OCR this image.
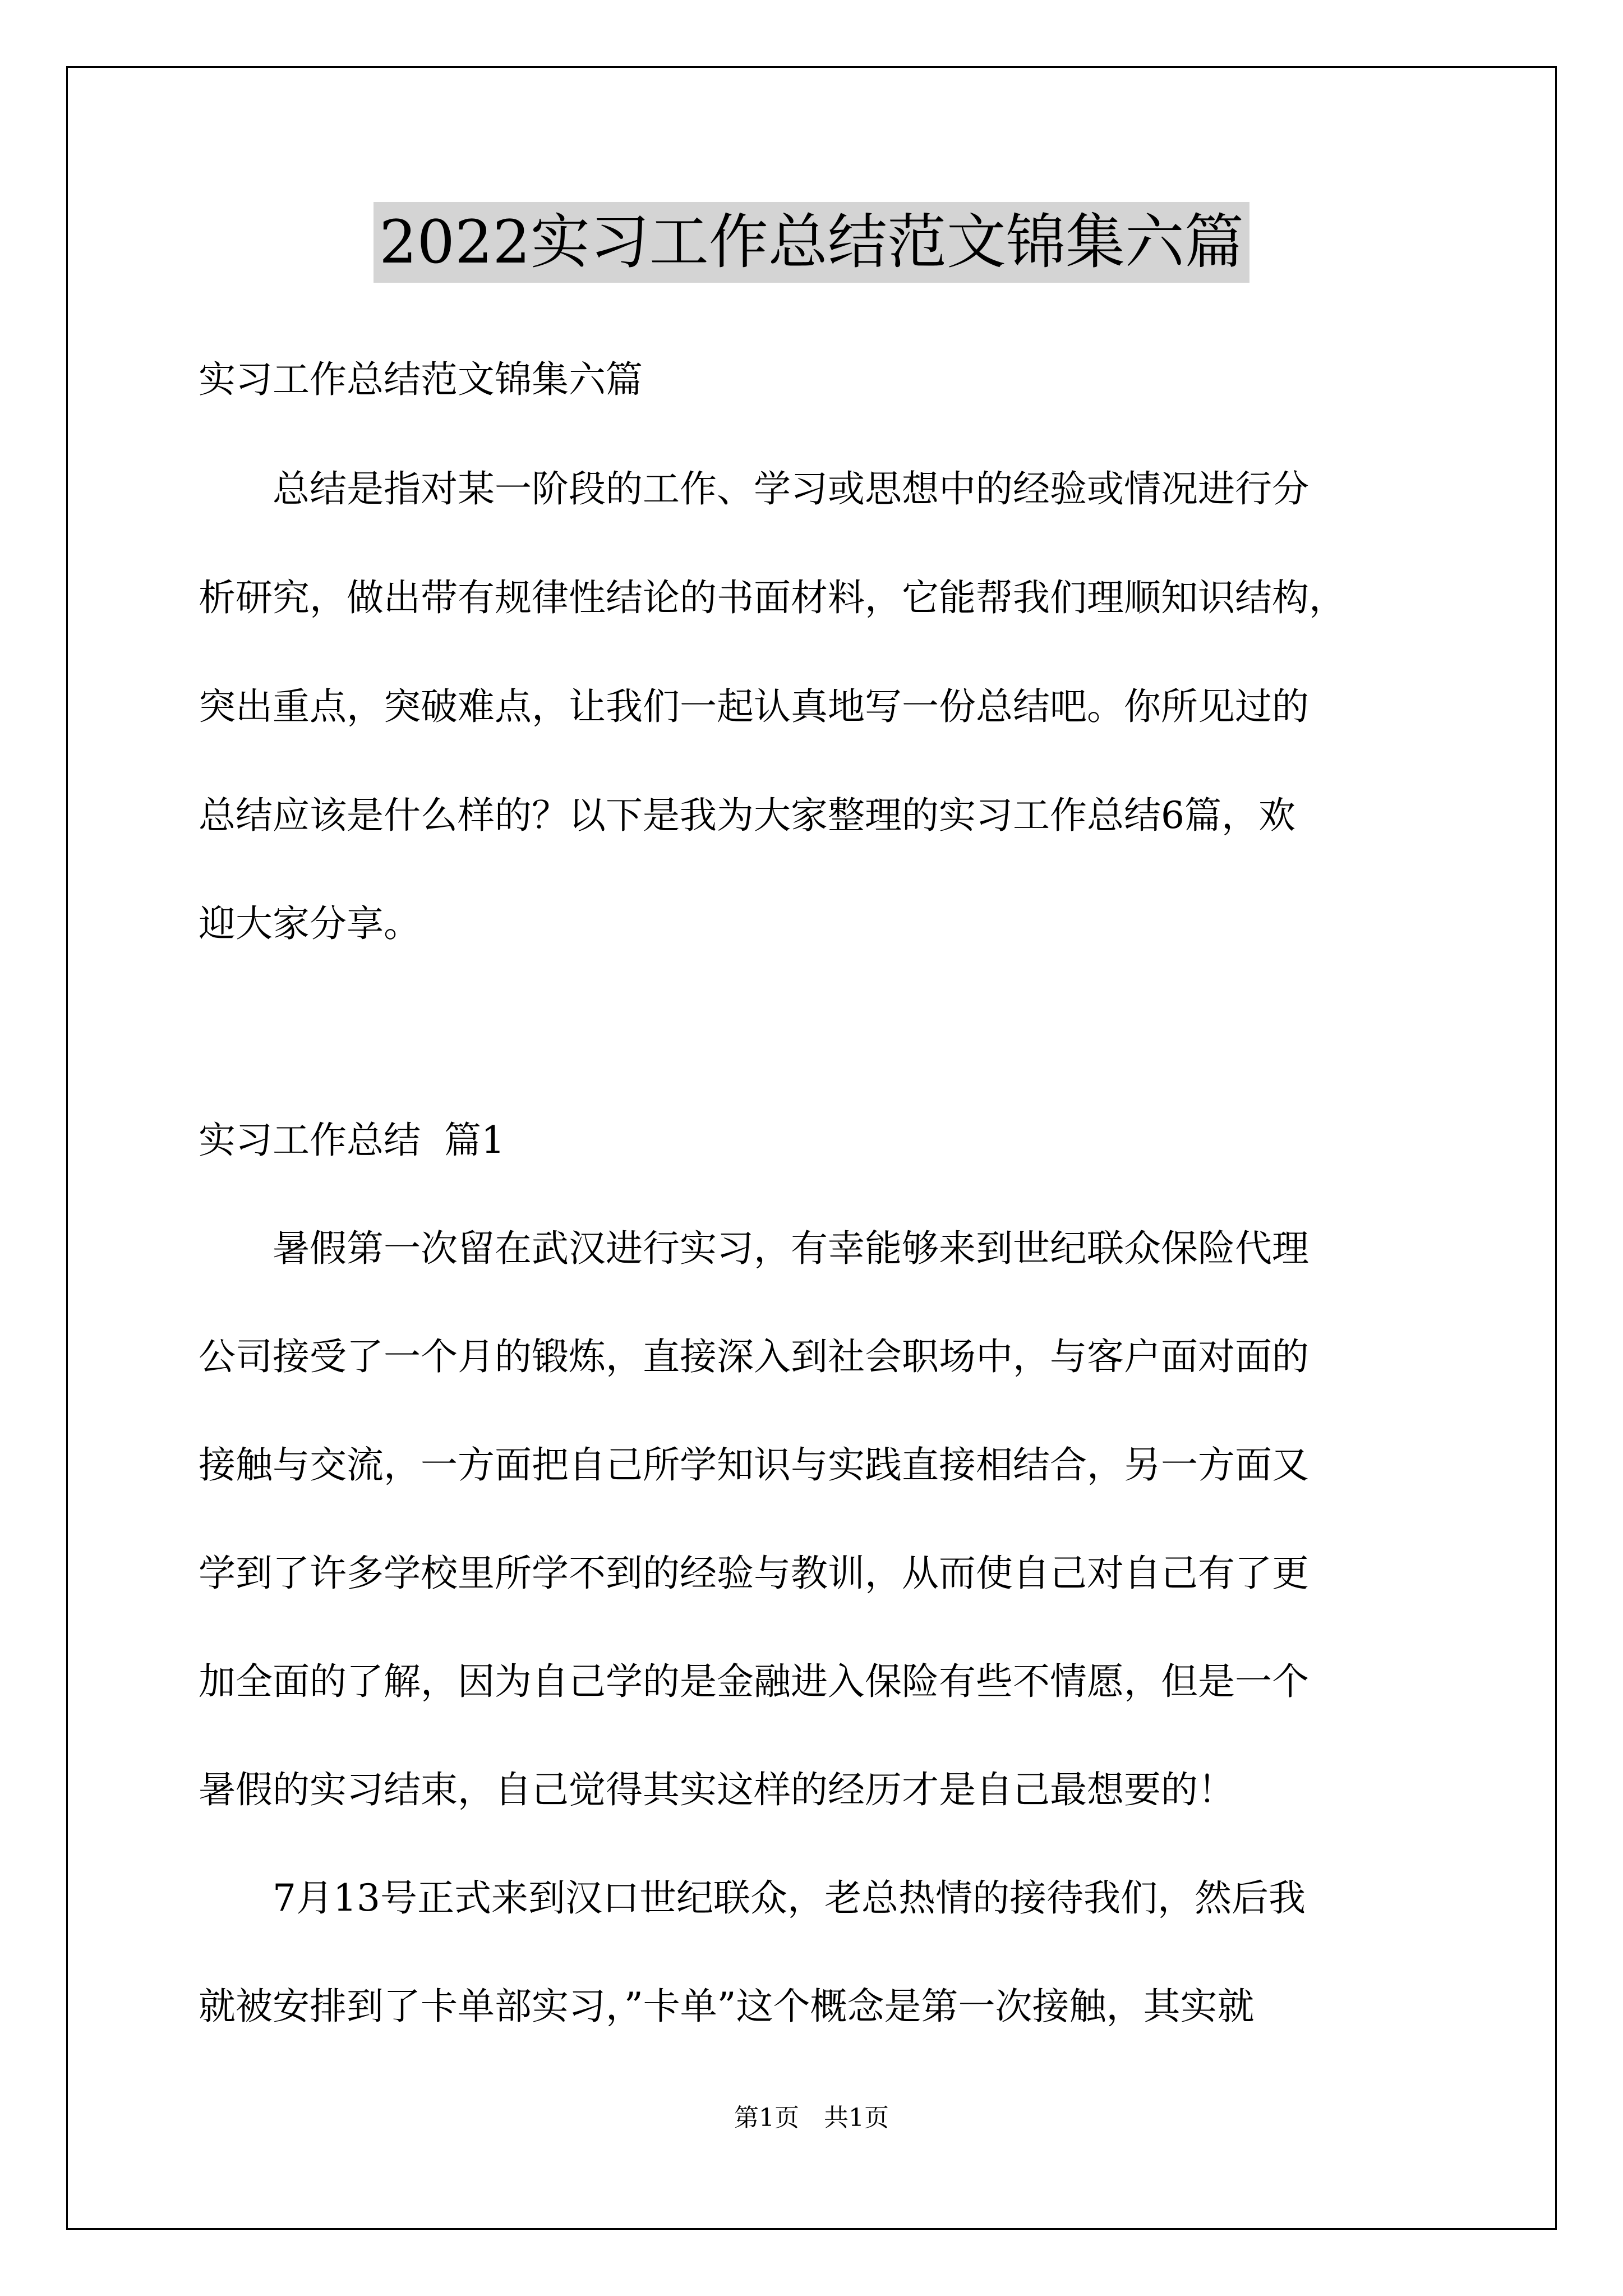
2022实习工作总结范文锦集六篇

实习工作总结范文锦集六篇

　　总结是指对某一阶段的工作、学习或思想中的经验或情况进行分

析研究，做出带有规律性结论的书面材料，它能帮我们理顺知识结构，

突出重点，突破难点，让我们一起认真地写一份总结吧。你所见过的

总结应该是什么样的？以下是我为大家整理的实习工作总结6篇，欢

迎大家分享。

实习工作总结  篇1

　　暑假第一次留在武汉进行实习，有幸能够来到世纪联众保险代理

公司接受了一个月的锻炼，直接深入到社会职场中，与客户面对面的

接触与交流，一方面把自己所学知识与实践直接相结合，另一方面又

学到了许多学校里所学不到的经验与教训，从而使自己对自己有了更

加全面的了解，因为自己学的是金融进入保险有些不情愿，但是一个

暑假的实习结束，自己觉得其实这样的经历才是自己最想要的！

　　7月13号正式来到汉口世纪联众，老总热情的接待我们，然后我

就被安排到了卡单部实习，”卡单”这个概念是第一次接触，其实就

第1页　共1页
